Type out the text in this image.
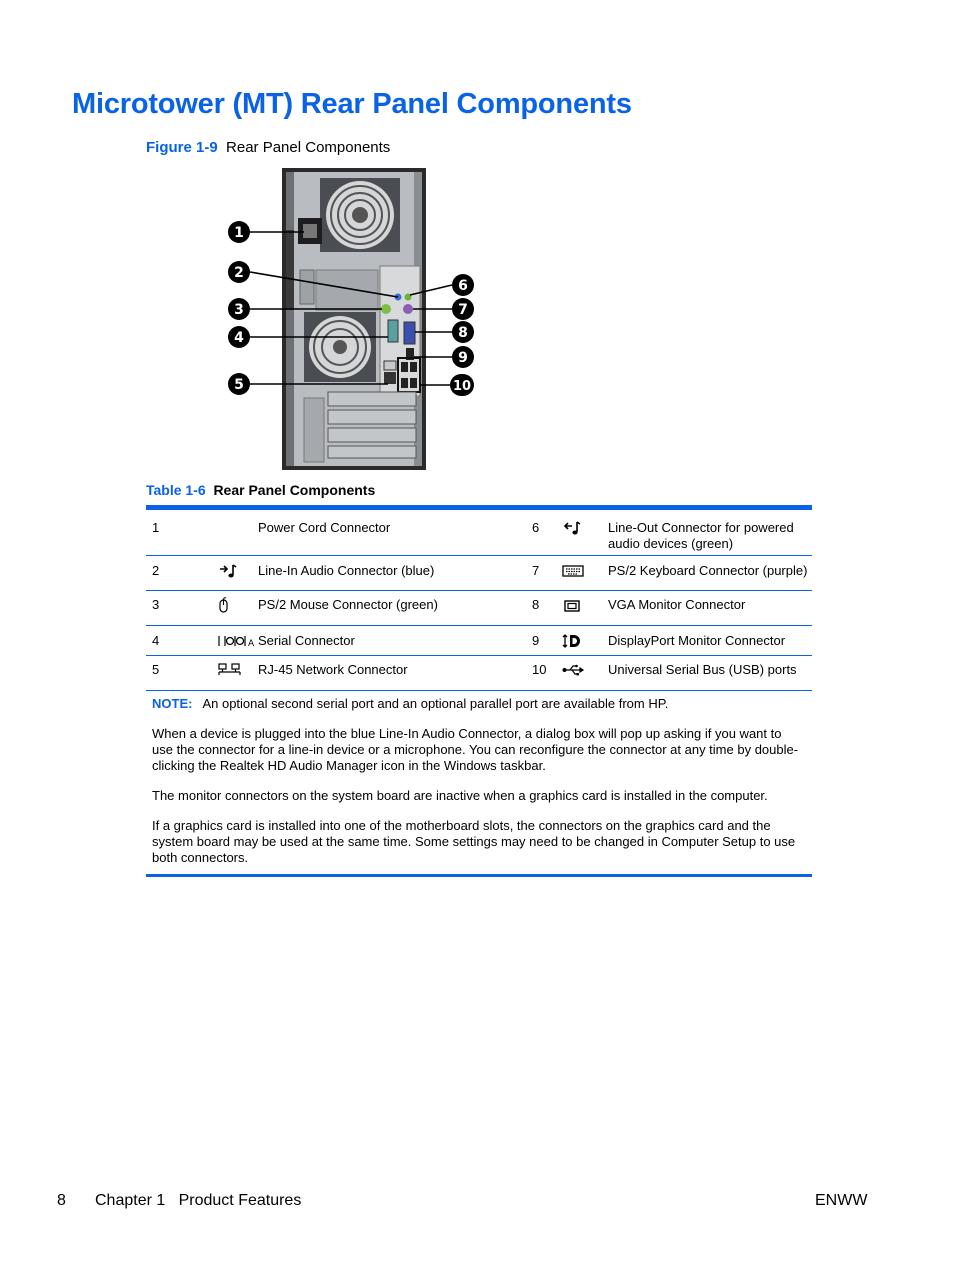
Microtower (MT) Rear Panel Components
Figure 1-9 Rear Panel Components
1
2
3
4
5
6
7
8
9
10
Table 1-6 Rear Panel Components
1		Power Cord Connector	6		Line-Out Connector for powered audio devices (green)
2		Line-In Audio Connector (blue)	7		PS/2 Keyboard Connector (purple)
3		PS/2 Mouse Connector (green)	8		VGA Monitor Connector
4	A	Serial Connector	9		DisplayPort Monitor Connector
5		RJ-45 Network Connector	10		Universal Serial Bus (USB) ports

NOTE: An optional second serial port and an optional parallel port are available from HP.

When a device is plugged into the blue Line-In Audio Connector, a dialog box will pop up asking if you want to use the connector for a line-in device or a microphone. You can reconfigure the connector at any time by double-clicking the Realtek HD Audio Manager icon in the Windows taskbar.

The monitor connectors on the system board are inactive when a graphics card is installed in the computer.

If a graphics card is installed into one of the motherboard slots, the connectors on the graphics card and the system board may be used at the same time. Some settings may need to be changed in Computer Setup to use both connectors.

8 Chapter 1   Product Features	ENWW
